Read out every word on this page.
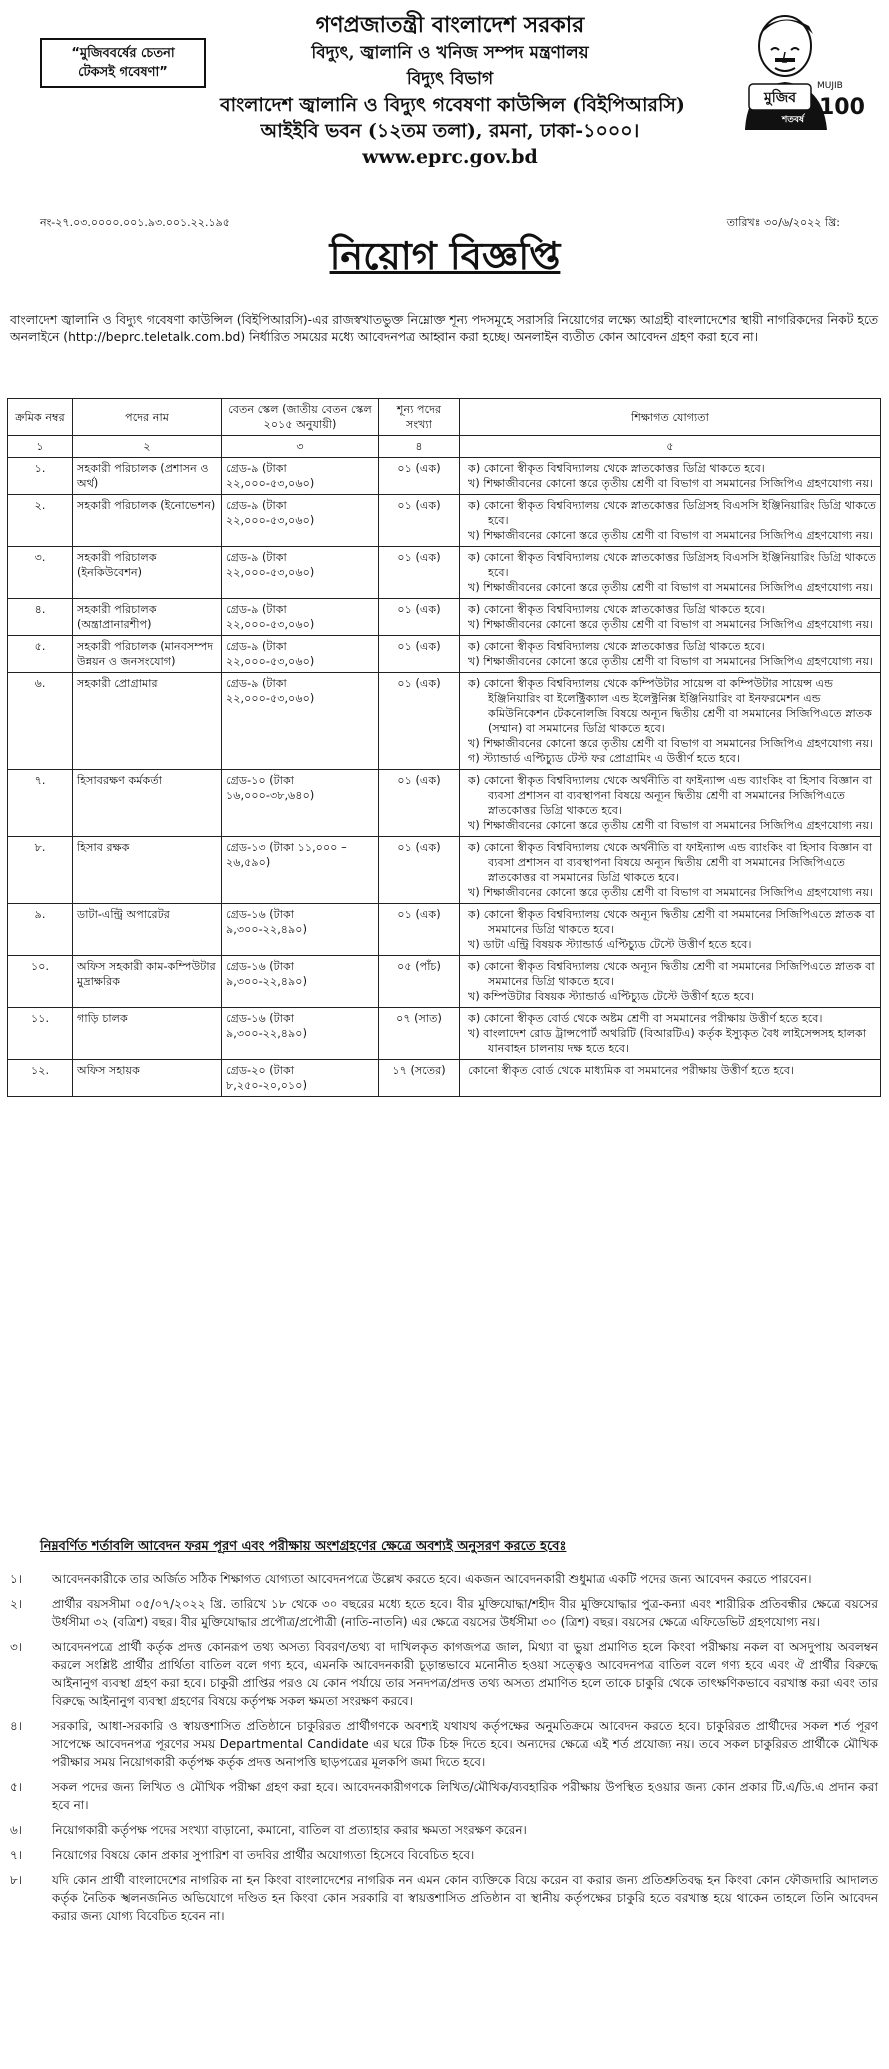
“মুজিববর্ষের চেতনা
টেকসই গবেষণা”
গণপ্রজাতন্ত্রী বাংলাদেশ সরকার
বিদ্যুৎ, জ্বালানি ও খনিজ সম্পদ মন্ত্রণালয়
বিদ্যুৎ বিভাগ
বাংলাদেশ জ্বালানি ও বিদ্যুৎ গবেষণা কাউন্সিল (বিইপিআরসি)
আইইবি ভবন (১২তম তলা), রমনা, ঢাকা-১০০০।
www.eprc.gov.bd
মুজিব
শতবর্ষ
MUJIB
100
নং-২৭.০৩.০০০০.০০১.৯৩.০০১.২২.১৯৫	তারিখঃ ৩০/৬/২০২২ খ্রি:
নিয়োগ বিজ্ঞপ্তি
বাংলাদেশ জ্বালানি ও বিদ্যুৎ গবেষণা কাউন্সিল (বিইপিআরসি)-এর রাজস্বখাতভুক্ত নিম্নোক্ত শূন্য পদসমূহে সরাসরি নিয়োগের লক্ষ্যে আগ্রহী বাংলাদেশের স্থায়ী নাগরিকদের নিকট হতে অনলাইনে (http://beprc.teletalk.com.bd) নির্ধারিত সময়ের মধ্যে আবেদনপত্র আহ্বান করা হচ্ছে। অনলাইন ব্যতীত কোন আবেদন গ্রহণ করা হবে না।
ক্রমিক নম্বর	পদের নাম	বেতন স্কেল (জাতীয় বেতন স্কেল ২০১৫ অনুযায়ী)	শূন্য পদের সংখ্যা	শিক্ষাগত যোগ্যতা
১	২	৩	৪	৫
১.	সহকারী পরিচালক (প্রশাসন ও অর্থ)	গ্রেড-৯ (টাকা ২২,০০০-৫৩,০৬০)	০১ (এক)	ক) কোনো স্বীকৃত বিশ্ববিদ্যালয় থেকে স্নাতকোত্তর ডিগ্রি থাকতে হবে।
খ) শিক্ষাজীবনের কোনো স্তরে তৃতীয় শ্রেণী বা বিভাগ বা সমমানের সিজিপিএ গ্রহণযোগ্য নয়।

২.	সহকারী পরিচালক (ইনোভেশন)	গ্রেড-৯ (টাকা ২২,০০০-৫৩,০৬০)	০১ (এক)	ক) কোনো স্বীকৃত বিশ্ববিদ্যালয় থেকে স্নাতকোত্তর ডিগ্রিসহ বিএসসি ইঞ্জিনিয়ারিং ডিগ্রি থাকতে হবে।
খ) শিক্ষাজীবনের কোনো স্তরে তৃতীয় শ্রেণী বা বিভাগ বা সমমানের সিজিপিএ গ্রহণযোগ্য নয়।

৩.	সহকারী পরিচালক (ইনকিউবেশন)	গ্রেড-৯ (টাকা ২২,০০০-৫৩,০৬০)	০১ (এক)	ক) কোনো স্বীকৃত বিশ্ববিদ্যালয় থেকে স্নাতকোত্তর ডিগ্রিসহ বিএসসি ইঞ্জিনিয়ারিং ডিগ্রি থাকতে হবে।
খ) শিক্ষাজীবনের কোনো স্তরে তৃতীয় শ্রেণী বা বিভাগ বা সমমানের সিজিপিএ গ্রহণযোগ্য নয়।

৪.	সহকারী পরিচালক (অন্ত্রাপ্রানারশীপ)	গ্রেড-৯ (টাকা ২২,০০০-৫৩,০৬০)	০১ (এক)	ক) কোনো স্বীকৃত বিশ্ববিদ্যালয় থেকে স্নাতকোত্তর ডিগ্রি থাকতে হবে।
খ) শিক্ষাজীবনের কোনো স্তরে তৃতীয় শ্রেণী বা বিভাগ বা সমমানের সিজিপিএ গ্রহণযোগ্য নয়।

৫.	সহকারী পরিচালক (মানবসম্পদ উন্নয়ন ও জনসংযোগ)	গ্রেড-৯ (টাকা ২২,০০০-৫৩,০৬০)	০১ (এক)	ক) কোনো স্বীকৃত বিশ্ববিদ্যালয় থেকে স্নাতকোত্তর ডিগ্রি থাকতে হবে।
খ) শিক্ষাজীবনের কোনো স্তরে তৃতীয় শ্রেণী বা বিভাগ বা সমমানের সিজিপিএ গ্রহণযোগ্য নয়।

৬.	সহকারী প্রোগ্রামার	গ্রেড-৯ (টাকা ২২,০০০-৫৩,০৬০)	০১ (এক)	ক) কোনো স্বীকৃত বিশ্ববিদ্যালয় থেকে কম্পিউটার সায়েন্স বা কম্পিউটার সায়েন্স এন্ড ইঞ্জিনিয়ারিং বা ইলেক্ট্রিক্যাল এন্ড ইলেক্ট্রনিক্স ইঞ্জিনিয়ারিং বা ইনফরমেশন এন্ড কমিউনিকেশন টেকনোলজি বিষয়ে অন্যূন দ্বিতীয় শ্রেণী বা সমমানের সিজিপিএতে স্নাতক (সম্মান) বা সমমানের ডিগ্রি থাকতে হবে।
খ) শিক্ষাজীবনের কোনো স্তরে তৃতীয় শ্রেণী বা বিভাগ বা সমমানের সিজিপিএ গ্রহণযোগ্য নয়।
গ) স্ট্যান্ডার্ড এপ্টিচ্যুড টেস্ট ফর প্রোগ্রামিং এ উত্তীর্ণ হতে হবে।

৭.	হিসাবরক্ষণ কর্মকর্তা	গ্রেড-১০ (টাকা ১৬,০০০-৩৮,৬৪০)	০১ (এক)	ক) কোনো স্বীকৃত বিশ্ববিদ্যালয় থেকে অর্থনীতি বা ফাইন্যান্স এন্ড ব্যাংকিং বা হিসাব বিজ্ঞান বা ব্যবসা প্রশাসন বা ব্যবস্থাপনা বিষয়ে অন্যূন দ্বিতীয় শ্রেণী বা সমমানের সিজিপিএতে স্নাতকোত্তর ডিগ্রি থাকতে হবে।
খ) শিক্ষাজীবনের কোনো স্তরে তৃতীয় শ্রেণী বা বিভাগ বা সমমানের সিজিপিএ গ্রহণযোগ্য নয়।

৮.	হিসাব রক্ষক	গ্রেড-১৩ (টাকা ১১,০০০ – ২৬,৫৯০)	০১ (এক)	ক) কোনো স্বীকৃত বিশ্ববিদ্যালয় থেকে অর্থনীতি বা ফাইন্যান্স এন্ড ব্যাংকিং বা হিসাব বিজ্ঞান বা ব্যবসা প্রশাসন বা ব্যবস্থাপনা বিষয়ে অন্যূন দ্বিতীয় শ্রেণী বা সমমানের সিজিপিএতে স্নাতকোত্তর বা সমমানের ডিগ্রি থাকতে হবে।
খ) শিক্ষাজীবনের কোনো স্তরে তৃতীয় শ্রেণী বা বিভাগ বা সমমানের সিজিপিএ গ্রহণযোগ্য নয়।

৯.	ডাটা-এন্ট্রি অপারেটর	গ্রেড-১৬ (টাকা ৯,৩০০-২২,৪৯০)	০১ (এক)	ক) কোনো স্বীকৃত বিশ্ববিদ্যালয় থেকে অন্যূন দ্বিতীয় শ্রেণী বা সমমানের সিজিপিএতে স্নাতক বা সমমানের ডিগ্রি থাকতে হবে।
খ) ডাটা এন্ট্রি বিষয়ক স্ট্যান্ডার্ড এপ্টিচ্যুড টেস্টে উত্তীর্ণ হতে হবে।

১০.	অফিস সহকারী কাম-কম্পিউটার মুদ্রাক্ষরিক	গ্রেড-১৬ (টাকা ৯,৩০০-২২,৪৯০)	০৫ (পাঁচ)	ক) কোনো স্বীকৃত বিশ্ববিদ্যালয় থেকে অন্যূন দ্বিতীয় শ্রেণী বা সমমানের সিজিপিএতে স্নাতক বা সমমানের ডিগ্রি থাকতে হবে।
খ) কম্পিউটার বিষয়ক স্ট্যান্ডার্ড এপ্টিচ্যুড টেস্টে উত্তীর্ণ হতে হবে।

১১.	গাড়ি চালক	গ্রেড-১৬ (টাকা ৯,৩০০-২২,৪৯০)	০৭ (সাত)	ক) কোনো স্বীকৃত বোর্ড থেকে অষ্টম শ্রেণী বা সমমানের পরীক্ষায় উত্তীর্ণ হতে হবে।
খ) বাংলাদেশ রোড ট্রান্সপোর্ট অথরিটি (বিআরটিএ) কর্তৃক ইস্যুকৃত বৈধ লাইসেন্সসহ হালকা যানবাহন চালনায় দক্ষ হতে হবে।

১২.	অফিস সহায়ক	গ্রেড-২০ (টাকা ৮,২৫০-২০,০১০)	১৭ (সতের)	কোনো স্বীকৃত বোর্ড থেকে মাধ্যমিক বা সমমানের পরীক্ষায় উত্তীর্ণ হতে হবে।
নিম্নবর্ণিত শর্তাবলি আবেদন ফরম পূরণ এবং পরীক্ষায় অংশগ্রহণের ক্ষেত্রে অবশ্যই অনুসরণ করতে হবেঃ
১।	আবেদনকারীকে তার অর্জিত সঠিক শিক্ষাগত যোগ্যতা আবেদনপত্রে উল্লেখ করতে হবে। একজন আবেদনকারী শুধুমাত্র একটি পদের জন্য আবেদন করতে পারবেন।
২।	প্রার্থীর বয়সসীমা ০৫/০৭/২০২২ খ্রি. তারিখে ১৮ থেকে ৩০ বছরের মধ্যে হতে হবে। বীর মুক্তিযোদ্ধা/শহীদ বীর মুক্তিযোদ্ধার পুত্র-কন্যা এবং শারীরিক প্রতিবন্ধীর ক্ষেত্রে বয়সের উর্ধসীমা ৩২ (বত্রিশ) বছর। বীর মুক্তিযোদ্ধার প্রপৌত্র/প্রপৌত্রী (নাতি-নাতনি) এর ক্ষেত্রে বয়সের উর্ধসীমা ৩০ (ত্রিশ) বছর। বয়সের ক্ষেত্রে এফিডেভিট গ্রহণযোগ্য নয়।
৩।	আবেদনপত্রে প্রার্থী কর্তৃক প্রদত্ত কোনরূপ তথ্য অসত্য বিবরণ/তথ্য বা দাখিলকৃত কাগজপত্র জাল, মিথ্যা বা ভুয়া প্রমাণিত হলে কিংবা পরীক্ষায় নকল বা অসদুপায় অবলম্বন করলে সংশ্লিষ্ট প্রার্থীর প্রার্থিতা বাতিল বলে গণ্য হবে, এমনকি আবেদনকারী চূড়ান্তভাবে মনোনীত হওয়া সত্ত্বেও আবেদনপত্র বাতিল বলে গণ্য হবে এবং ঐ প্রার্থীর বিরুদ্ধে আইনানুগ ব্যবস্থা গ্রহণ করা হবে। চাকুরী প্রাপ্তির পরও যে কোন পর্যায়ে তার সনদপত্র/প্রদত্ত তথ্য অসত্য প্রমাণিত হলে তাকে চাকুরি থেকে তাৎক্ষণিকভাবে বরখাস্ত করা এবং তার বিরুদ্ধে আইনানুগ ব্যবস্থা গ্রহণের বিষয়ে কর্তৃপক্ষ সকল ক্ষমতা সংরক্ষণ করবে।
৪।	সরকারি, আধা-সরকারি ও স্বায়ত্তশাসিত প্রতিষ্ঠানে চাকুরিরত প্রার্থীগণকে অবশ্যই যথাযথ কর্তৃপক্ষের অনুমতিক্রমে আবেদন করতে হবে। চাকুরিরত প্রার্থীদের সকল শর্ত পূরণ সাপেক্ষে আবেদনপত্র পূরণের সময় Departmental Candidate এর ঘরে টিক চিহ্ন দিতে হবে। অন্যদের ক্ষেত্রে এই শর্ত প্রযোজ্য নয়। তবে সকল চাকুরিরত প্রার্থীকে মৌখিক পরীক্ষার সময় নিয়োগকারী কর্তৃপক্ষ কর্তৃক প্রদত্ত অনাপত্তি ছাড়পত্রের মূলকপি জমা দিতে হবে।
৫।	সকল পদের জন্য লিখিত ও মৌখিক পরীক্ষা গ্রহণ করা হবে। আবেদনকারীগণকে লিখিত/মৌখিক/ব্যবহারিক পরীক্ষায় উপস্থিত হওয়ার জন্য কোন প্রকার টি.এ/ডি.এ প্রদান করা হবে না।
৬।	নিয়োগকারী কর্তৃপক্ষ পদের সংখ্যা বাড়ানো, কমানো, বাতিল বা প্রত্যাহার করার ক্ষমতা সংরক্ষণ করেন।
৭।	নিয়োগের বিষয়ে কোন প্রকার সুপারিশ বা তদবির প্রার্থীর অযোগ্যতা হিসেবে বিবেচিত হবে।
৮।	যদি কোন প্রার্থী বাংলাদেশের নাগরিক না হন কিংবা বাংলাদেশের নাগরিক নন এমন কোন ব্যক্তিকে বিয়ে করেন বা করার জন্য প্রতিশ্রুতিবদ্ধ হন কিংবা কোন ফৌজদারি আদালত কর্তৃক নৈতিক স্খলনজনিত অভিযোগে দণ্ডিত হন কিংবা কোন সরকারি বা স্বায়ত্তশাসিত প্রতিষ্ঠান বা স্থানীয় কর্তৃপক্ষের চাকুরি হতে বরখাস্ত হয়ে থাকেন তাহলে তিনি আবেদন করার জন্য যোগ্য বিবেচিত হবেন না।
